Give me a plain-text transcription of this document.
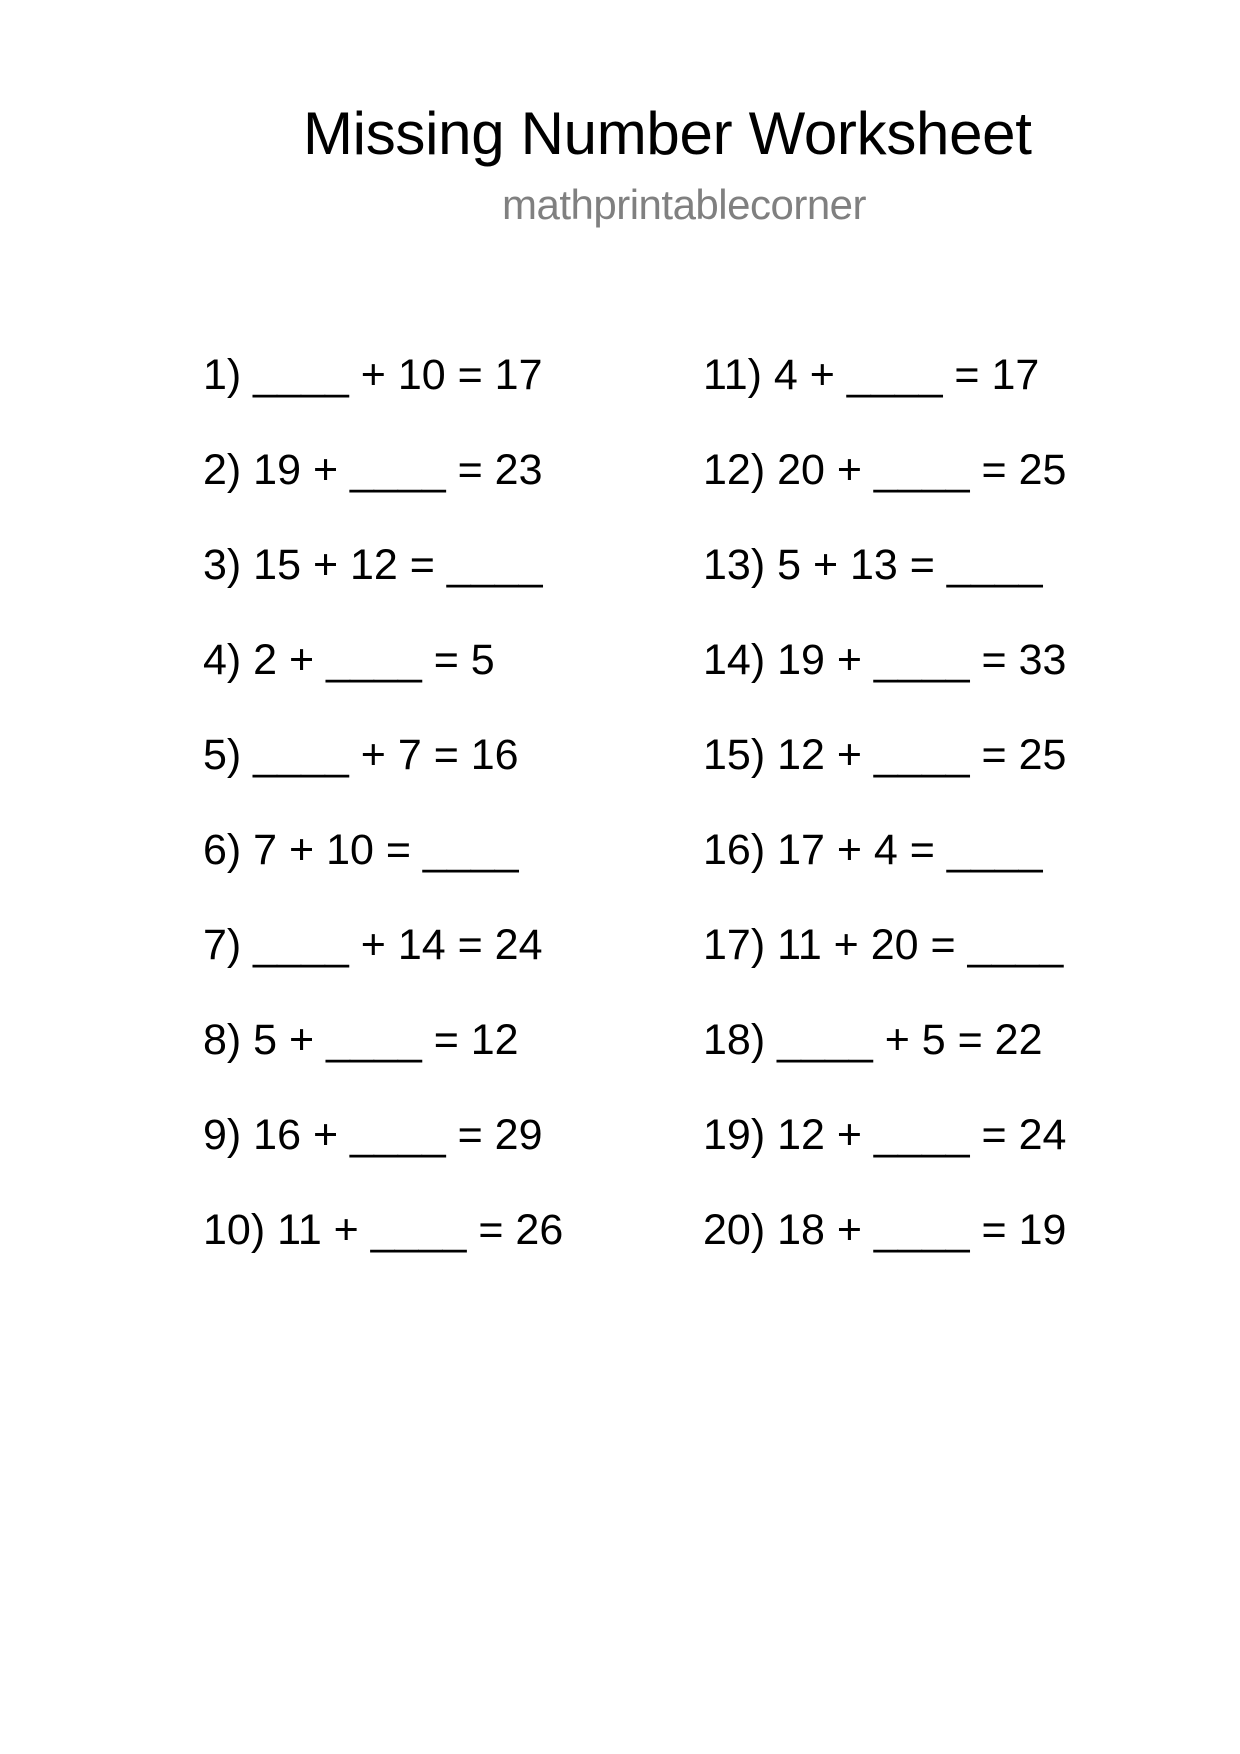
Missing Number Worksheet
mathprintablecorner
1) ____ + 10 = 17
2) 19 + ____ = 23
3) 15 + 12 = ____
4) 2 + ____ = 5
5) ____ + 7 = 16
6) 7 + 10 = ____
7) ____ + 14 = 24
8) 5 + ____ = 12
9) 16 + ____ = 29
10) 11 + ____ = 26
11) 4 + ____ = 17
12) 20 + ____ = 25
13) 5 + 13 = ____
14) 19 + ____ = 33
15) 12 + ____ = 25
16) 17 + 4 = ____
17) 11 + 20 = ____
18) ____ + 5 = 22
19) 12 + ____ = 24
20) 18 + ____ = 19
